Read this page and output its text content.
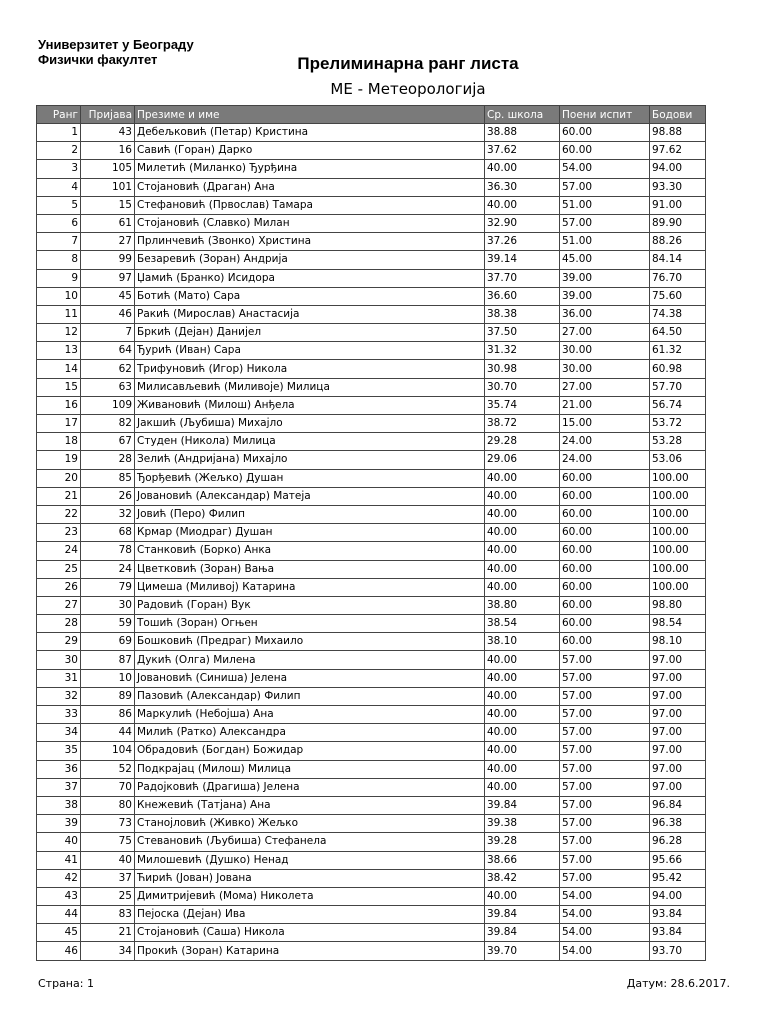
Универзитет у Београду
Физички факултет	Прелиминарна ранг листа
МЕ - Метеорологија
Ранг	Пријава	Презиме и име	Ср. школа	Поени испит	Бодови
1	43	Дебељковић (Петар) Кристина	38.88	60.00	98.88
2	16	Савић (Горан) Дарко	37.62	60.00	97.62
3	105	Милетић (Миланко) Ђурђина	40.00	54.00	94.00
4	101	Стојановић (Драган) Ана	36.30	57.00	93.30
5	15	Стефановић (Првослав) Тамара	40.00	51.00	91.00
6	61	Стојановић (Славко) Милан	32.90	57.00	89.90
7	27	Прлинчевић (Звонко) Христина	37.26	51.00	88.26
8	99	Безаревић (Зоран) Андрија	39.14	45.00	84.14
9	97	Џамић (Бранко) Исидора	37.70	39.00	76.70
10	45	Ботић (Мато) Сара	36.60	39.00	75.60
11	46	Ракић (Мирослав) Анастасија	38.38	36.00	74.38
12	7	Бркић (Дејан) Данијел	37.50	27.00	64.50
13	64	Ђурић (Иван) Сара	31.32	30.00	61.32
14	62	Трифуновић (Игор) Никола	30.98	30.00	60.98
15	63	Милисављевић (Миливоје) Милица	30.70	27.00	57.70
16	109	Живановић (Милош) Анђела	35.74	21.00	56.74
17	82	Јакшић (Љубиша) Михајло	38.72	15.00	53.72
18	67	Студен (Никола) Милица	29.28	24.00	53.28
19	28	Зелић (Андријана) Михајло	29.06	24.00	53.06
20	85	Ђорђевић (Жељко) Душан	40.00	60.00	100.00
21	26	Јовановић (Александар) Матеја	40.00	60.00	100.00
22	32	Јовић (Перо) Филип	40.00	60.00	100.00
23	68	Крмар (Миодраг) Душан	40.00	60.00	100.00
24	78	Станковић (Борко) Анка	40.00	60.00	100.00
25	24	Цветковић (Зоран) Вања	40.00	60.00	100.00
26	79	Цимеша (Миливој) Катарина	40.00	60.00	100.00
27	30	Радовић (Горан) Вук	38.80	60.00	98.80
28	59	Тошић (Зоран) Огњен	38.54	60.00	98.54
29	69	Бошковић (Предраг) Михаило	38.10	60.00	98.10
30	87	Дукић (Олга) Милена	40.00	57.00	97.00
31	10	Јовановић (Синиша) Јелена	40.00	57.00	97.00
32	89	Пазовић (Александар) Филип	40.00	57.00	97.00
33	86	Маркулић (Небојша) Ана	40.00	57.00	97.00
34	44	Милић (Ратко) Александра	40.00	57.00	97.00
35	104	Обрадовић (Богдан) Божидар	40.00	57.00	97.00
36	52	Подкрајац (Милош) Милица	40.00	57.00	97.00
37	70	Радојковић (Драгиша) Јелена	40.00	57.00	97.00
38	80	Кнежевић (Татјана) Ана	39.84	57.00	96.84
39	73	Станојловић (Живко) Жељко	39.38	57.00	96.38
40	75	Стевановић (Љубиша) Стефанела	39.28	57.00	96.28
41	40	Милошевић (Душко) Ненад	38.66	57.00	95.66
42	37	Ћирић (Јован) Јована	38.42	57.00	95.42
43	25	Димитријевић (Мома) Николета	40.00	54.00	94.00
44	83	Пејоска (Дејан) Ива	39.84	54.00	93.84
45	21	Стојановић (Саша) Никола	39.84	54.00	93.84
46	34	Прокић (Зоран) Катарина	39.70	54.00	93.70
Страна: 1	Датум: 28.6.2017.
